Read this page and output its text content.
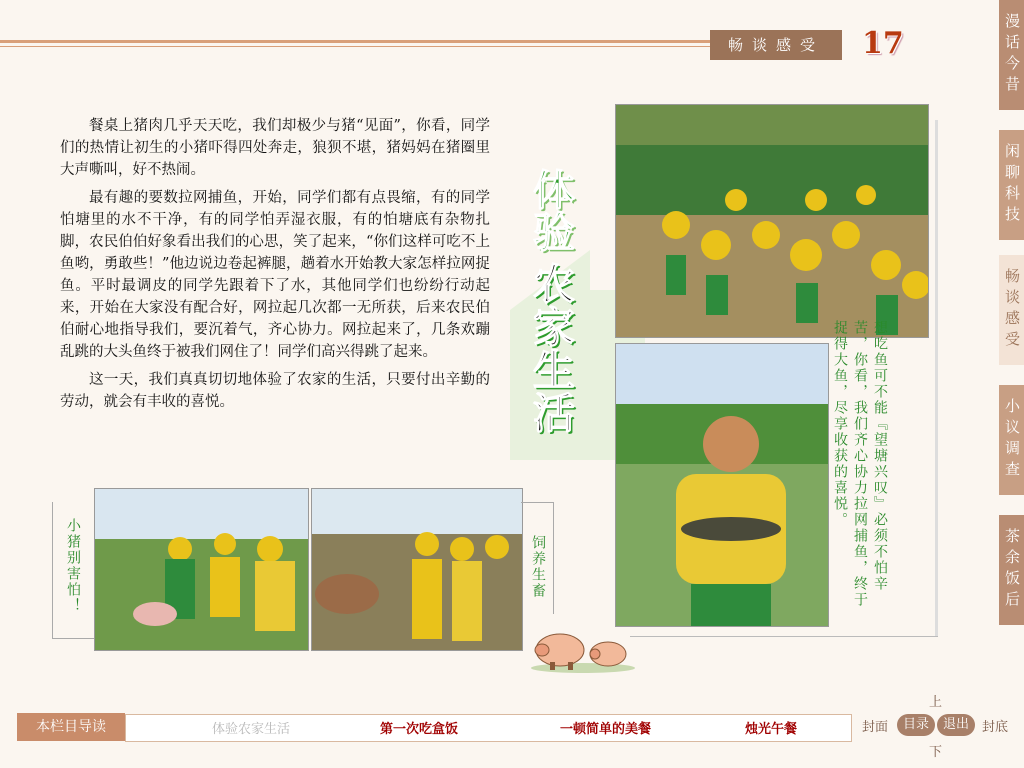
畅谈感受	17	漫话今昔
闲聊科技
畅谈感受
小议调查
茶余饭后

餐桌上猪肉几乎天天吃，我们却极少与猪“见面”，你看，同学们的热情让初生的小猪吓得四处奔走，狼狈不堪，猪妈妈在猪圈里大声嘶叫，好不热闹。

最有趣的要数拉网捕鱼，开始，同学们都有点畏缩，有的同学怕塘里的水不干净，有的同学怕弄湿衣服，有的怕塘底有杂物扎脚，农民伯伯好象看出我们的心思，笑了起来，“你们这样可吃不上鱼哟，勇敢些！”他边说边卷起裤腿，趟着水开始教大家怎样拉网捉鱼。平时最调皮的同学先跟着下了水，其他同学们也纷纷行动起来，开始在大家没有配合好，网拉起几次都一无所获，后来农民伯伯耐心地指导我们，要沉着气，齐心协力。网拉起来了，几条欢蹦乱跳的大头鱼终于被我们网住了！同学们高兴得跳了起来。

这一天，我们真真切切地体验了农家的生活，只要付出辛勤的劳动，就会有丰收的喜悦。

体验
农家生活	想吃鱼可不能『望塘兴叹』必须不怕辛苦，你看，我们齐心协力拉网捕鱼，终于捉得大鱼，尽享收获的喜悦。
小猪别害怕！	饲养生畜
本栏目导读	体验农家生活	第一次吃盒饭	一顿简单的美餐	烛光午餐
上
下
封面	目录	退出	封底
